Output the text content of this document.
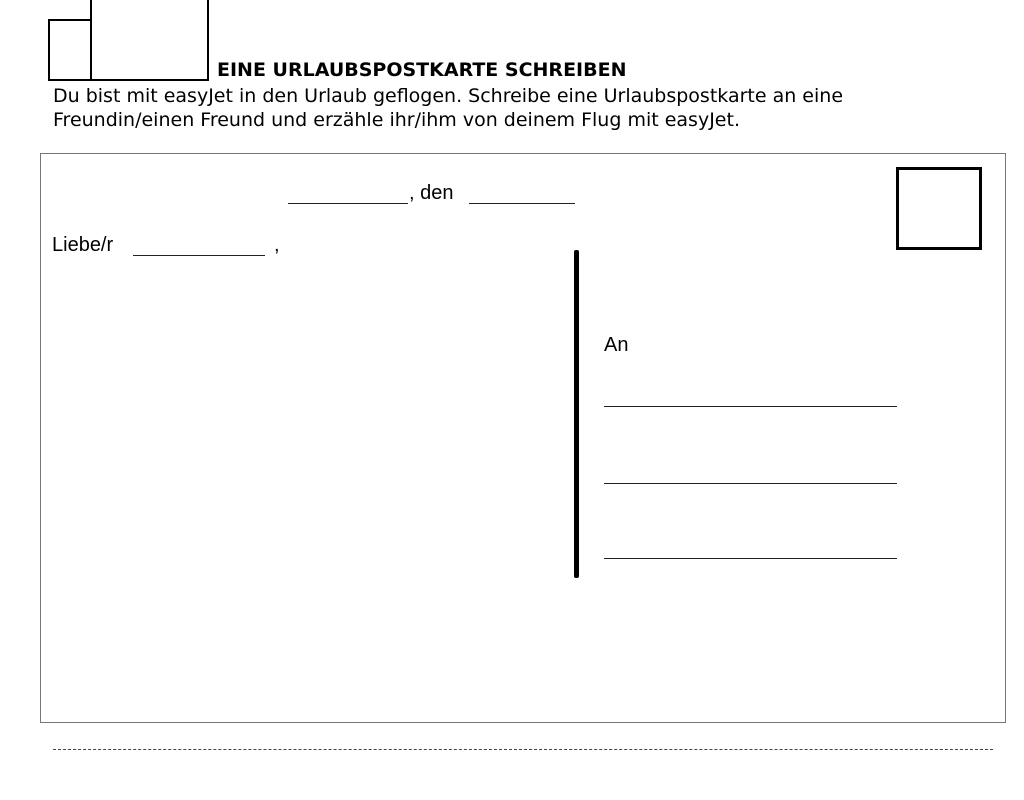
EINE URLAUBSPOSTKARTE SCHREIBEN
Du bist mit easyJet in den Urlaub geflogen. Schreibe eine Urlaubspostkarte an eine
Freundin/einen Freund und erzähle ihr/ihm von deinem Flug mit easyJet.
, den
Liebe/r	,
An
